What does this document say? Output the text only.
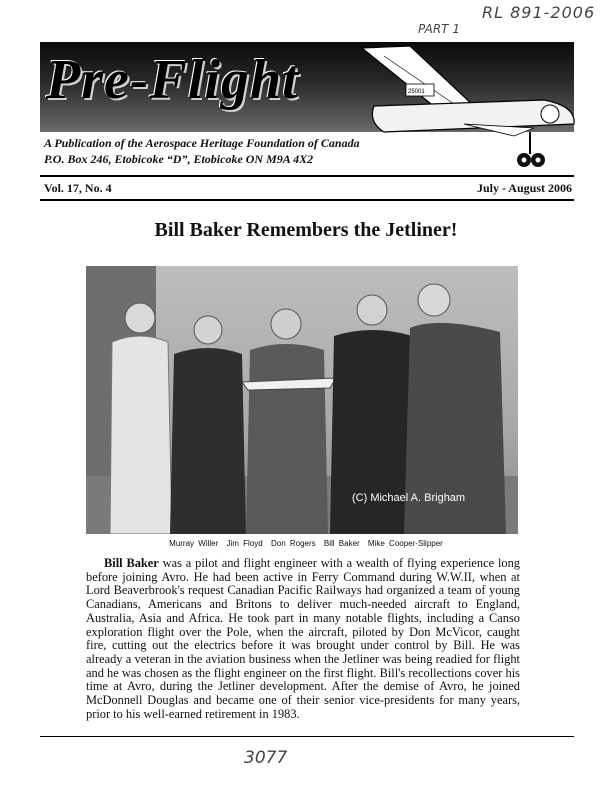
RL 891-2006
PART 1
Pre-Flight	25001
A Publication of the Aerospace Heritage Foundation of Canada
P.O. Box 246, Etobicoke “D”, Etobicoke ON M9A 4X2
Vol. 17, No. 4	July - August 2006
Bill Baker Remembers the Jetliner!
(C) Michael A. Brigham
Murray Willer Jim Floyd Don Rogers Bill Baker Mike Cooper-Slipper

Bill Baker was a pilot and flight engineer with a wealth of flying experience long before joining Avro. He had been active in Ferry Command during W.W.II, when at Lord Beaverbrook's request Canadian Pacific Railways had organized a team of young Canadians, Americans and Britons to deliver much-needed aircraft to England, Australia, Asia and Africa. He took part in many notable flights, including a Canso exploration flight over the Pole, when the aircraft, piloted by Don McVicor, caught fire, cutting out the electrics before it was brought under control by Bill. He was already a veteran in the aviation business when the Jetliner was being readied for flight and he was chosen as the flight engineer on the first flight. Bill's recollections cover his time at Avro, during the Jetliner development. After the demise of Avro, he joined McDonnell Douglas and became one of their senior vice-presidents for many years, prior to his well-earned retirement in 1983.

3077
